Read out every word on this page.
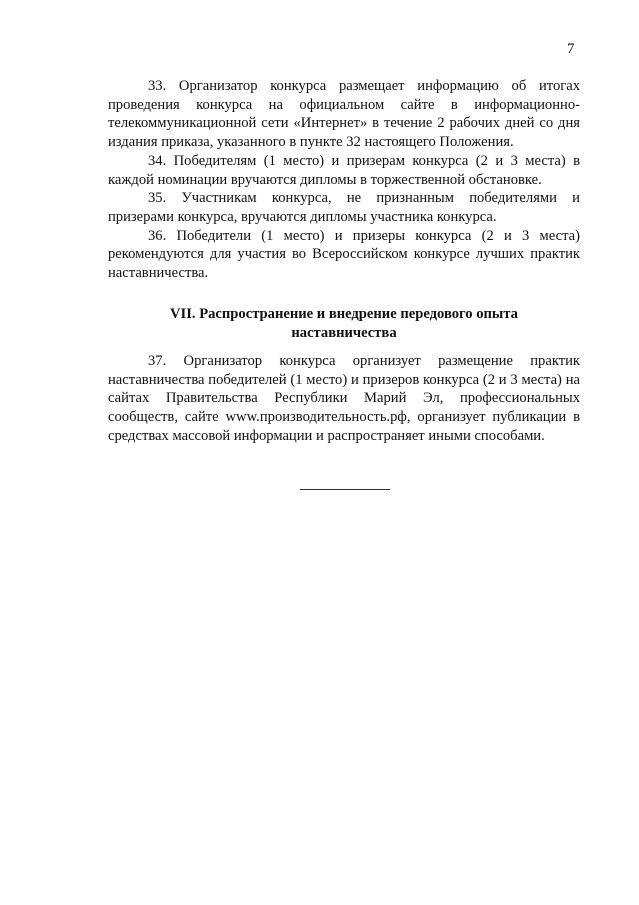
7

33. Организатор конкурса размещает информацию об итогах проведения конкурса на официальном сайте в информационно-телекоммуникационной сети «Интернет» в течение 2 рабочих дней со дня издания приказа, указанного в пункте 32 настоящего Положения.

34. Победителям (1 место) и призерам конкурса (2 и 3 места) в каждой номинации вручаются дипломы в торжественной обстановке.

35. Участникам конкурса, не признанным победителями и призерами конкурса, вручаются дипломы участника конкурса.

36. Победители (1 место) и призеры конкурса (2 и 3 места) рекомендуются для участия во Всероссийском конкурсе лучших практик наставничества.

VII. Распространение и внедрение передового опыта
наставничества

37. Организатор конкурса организует размещение практик наставничества победителей (1 место) и призеров конкурса (2 и 3 места) на сайтах Правительства Республики Марий Эл, профессиональных сообществ, сайте www.производительность.рф, организует публикации в средствах массовой информации и распространяет иными способами.
